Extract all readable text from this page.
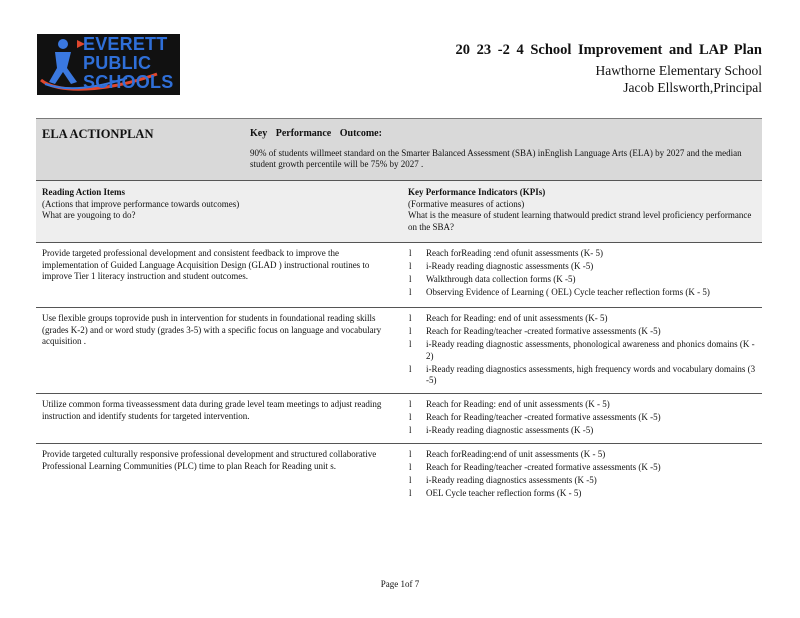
EVERETT
PUBLIC
SCHOOLS
20 23 -2 4 School Improvement and LAP Plan
Hawthorne Elementary School
Jacob Ellsworth,Principal
ELA ACTIONPLAN	Key Performance Outcome:
90% of students willmeet standard on the Smarter Balanced Assessment (SBA) inEnglish Language Arts (ELA) by 2027 and the median student growth percentile will be 75% by 2027 .
Reading Action Items
(Actions that improve performance towards outcomes)
What are yougoing to do?
Key Performance Indicators (KPIs)
(Formative measures of actions)
What is the measure of student learning thatwould predict strand level proficiency performance on the SBA?
Provide targeted professional development and consistent feedback to improve the implementation of Guided Language Acquisition Design (GLAD ) instructional routines to improve Tier 1 literacy instruction and student outcomes.
l Reach forReading :end ofunit assessments (K- 5)
l i-Ready reading diagnostic assessments (K -5)
l Walkthrough data collection forms (K -5)
l Observing Evidence of Learning ( OEL) Cycle teacher reflection forms (K - 5)
Use flexible groups toprovide push in intervention for students in foundational reading skills (grades K-2) and or word study (grades 3-5) with a specific focus on language and vocabulary acquisition .
l Reach for Reading: end of unit assessments (K- 5)
l Reach for Reading/teacher -created formative assessments (K -5)
l i-Ready reading diagnostic assessments, phonological awareness and phonics domains (K - 2)
l i-Ready reading diagnostics assessments, high frequency words and vocabulary domains (3 -5)
Utilize common forma tiveassessment data during grade level team meetings to adjust reading instruction and identify students for targeted intervention.
l Reach for Reading: end of unit assessments (K - 5)
l Reach for Reading/teacher -created formative assessments (K -5)
l i-Ready reading diagnostic assessments (K -5)
Provide targeted culturally responsive professional development and structured collaborative Professional Learning Communities (PLC) time to plan Reach for Reading unit s.
l Reach forReading:end of unit assessments (K - 5)
l Reach for Reading/teacher -created formative assessments (K -5)
l i-Ready reading diagnostics assessments (K -5)
l OEL Cycle teacher reflection forms (K - 5)
Page 1of 7
